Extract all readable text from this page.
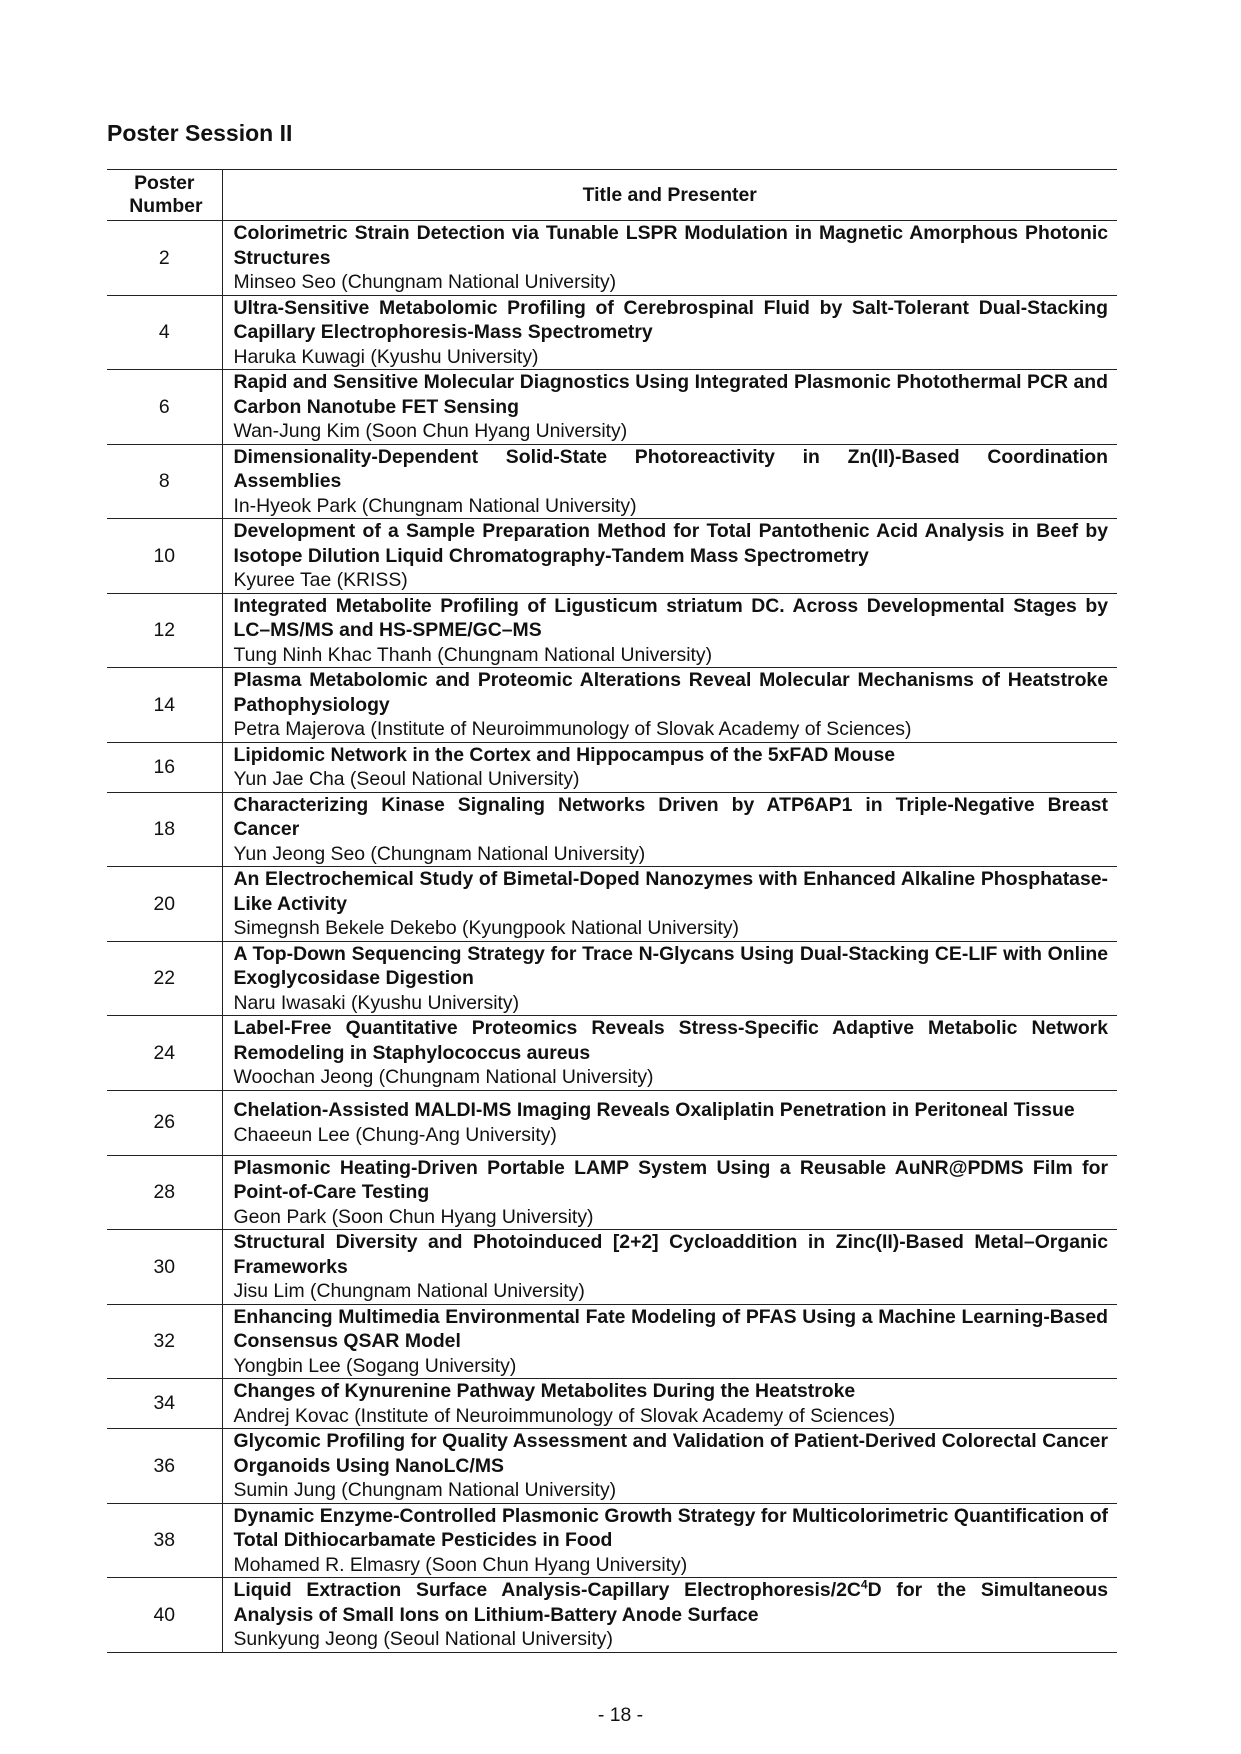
Poster Session II
Poster Number	Title and Presenter
2	Colorimetric Strain Detection via Tunable LSPR Modulation in Magnetic Amorphous Photonic Structures
Minseo Seo (Chungnam National University)

4	Ultra-Sensitive Metabolomic Profiling of Cerebrospinal Fluid by Salt-Tolerant Dual-Stacking Capillary Electrophoresis-Mass Spectrometry
Haruka Kuwagi (Kyushu University)

6	Rapid and Sensitive Molecular Diagnostics Using Integrated Plasmonic Photothermal PCR and Carbon Nanotube FET Sensing
Wan-Jung Kim (Soon Chun Hyang University)

8	Dimensionality-Dependent Solid-State Photoreactivity in Zn(II)-Based Coordination Assemblies
In-Hyeok Park (Chungnam National University)

10	Development of a Sample Preparation Method for Total Pantothenic Acid Analysis in Beef by Isotope Dilution Liquid Chromatography-Tandem Mass Spectrometry
Kyuree Tae (KRISS)

12	Integrated Metabolite Profiling of Ligusticum striatum DC. Across Developmental Stages by LC–MS/MS and HS-SPME/GC–MS
Tung Ninh Khac Thanh (Chungnam National University)

14	Plasma Metabolomic and Proteomic Alterations Reveal Molecular Mechanisms of Heatstroke Pathophysiology
Petra Majerova (Institute of Neuroimmunology of Slovak Academy of Sciences)

16	Lipidomic Network in the Cortex and Hippocampus of the 5xFAD Mouse
Yun Jae Cha (Seoul National University)

18	Characterizing Kinase Signaling Networks Driven by ATP6AP1 in Triple-Negative Breast Cancer
Yun Jeong Seo (Chungnam National University)

20	An Electrochemical Study of Bimetal-Doped Nanozymes with Enhanced Alkaline Phosphatase-Like Activity
Simegnsh Bekele Dekebo (Kyungpook National University)

22	A Top-Down Sequencing Strategy for Trace N-Glycans Using Dual-Stacking CE-LIF with Online Exoglycosidase Digestion
Naru Iwasaki (Kyushu University)

24	Label-Free Quantitative Proteomics Reveals Stress-Specific Adaptive Metabolic Network Remodeling in Staphylococcus aureus
Woochan Jeong (Chungnam National University)

26	Chelation-Assisted MALDI-MS Imaging Reveals Oxaliplatin Penetration in Peritoneal Tissue
Chaeeun Lee (Chung-Ang University)

28	Plasmonic Heating-Driven Portable LAMP System Using a Reusable AuNR@PDMS Film for Point-of-Care Testing
Geon Park (Soon Chun Hyang University)

30	Structural Diversity and Photoinduced [2+2] Cycloaddition in Zinc(II)-Based Metal–Organic Frameworks
Jisu Lim (Chungnam National University)

32	Enhancing Multimedia Environmental Fate Modeling of PFAS Using a Machine Learning-Based Consensus QSAR Model
Yongbin Lee (Sogang University)

34	Changes of Kynurenine Pathway Metabolites During the Heatstroke
Andrej Kovac (Institute of Neuroimmunology of Slovak Academy of Sciences)

36	Glycomic Profiling for Quality Assessment and Validation of Patient-Derived Colorectal Cancer Organoids Using NanoLC/MS
Sumin Jung (Chungnam National University)

38	Dynamic Enzyme-Controlled Plasmonic Growth Strategy for Multicolorimetric Quantification of Total Dithiocarbamate Pesticides in Food
Mohamed R. Elmasry (Soon Chun Hyang University)

40	Liquid Extraction Surface Analysis-Capillary Electrophoresis/$2C^4D$ for the Simultaneous Analysis of Small Ions on Lithium-Battery Anode Surface
Sunkyung Jeong (Seoul National University)
- 18 -
